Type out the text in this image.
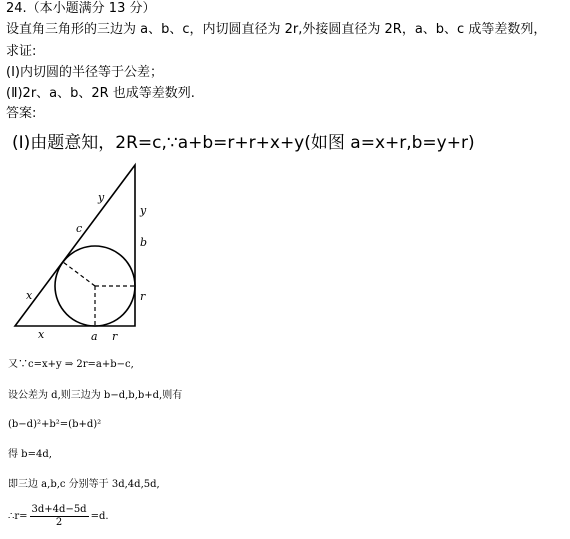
24.（本小题满分 13 分）
设直角三角形的三边为 a、b、c，内切圆直径为 2r,外接圆直径为 2R，a、b、c 成等差数列，
求证:
(Ⅰ)内切圆的半径等于公差；
(Ⅱ)2r、a、b、2R 也成等差数列.
答案:
(Ⅰ)由题意知，2R=c,∵a+b=r+r+x+y(如图 a=x+r,b=y+r)
y
y
c
b
x	r
x	a r
又∵c=x+y ⇒ 2r=a+b−c,
设公差为 d,则三边为 b−d,b,b+d,则有
(b−d)²+b²=(b+d)²
得 b=4d,
即三边 a,b,c 分别等于 3d,4d,5d,
∴r= $\frac{3d+4d-5d}{2} =d$.
